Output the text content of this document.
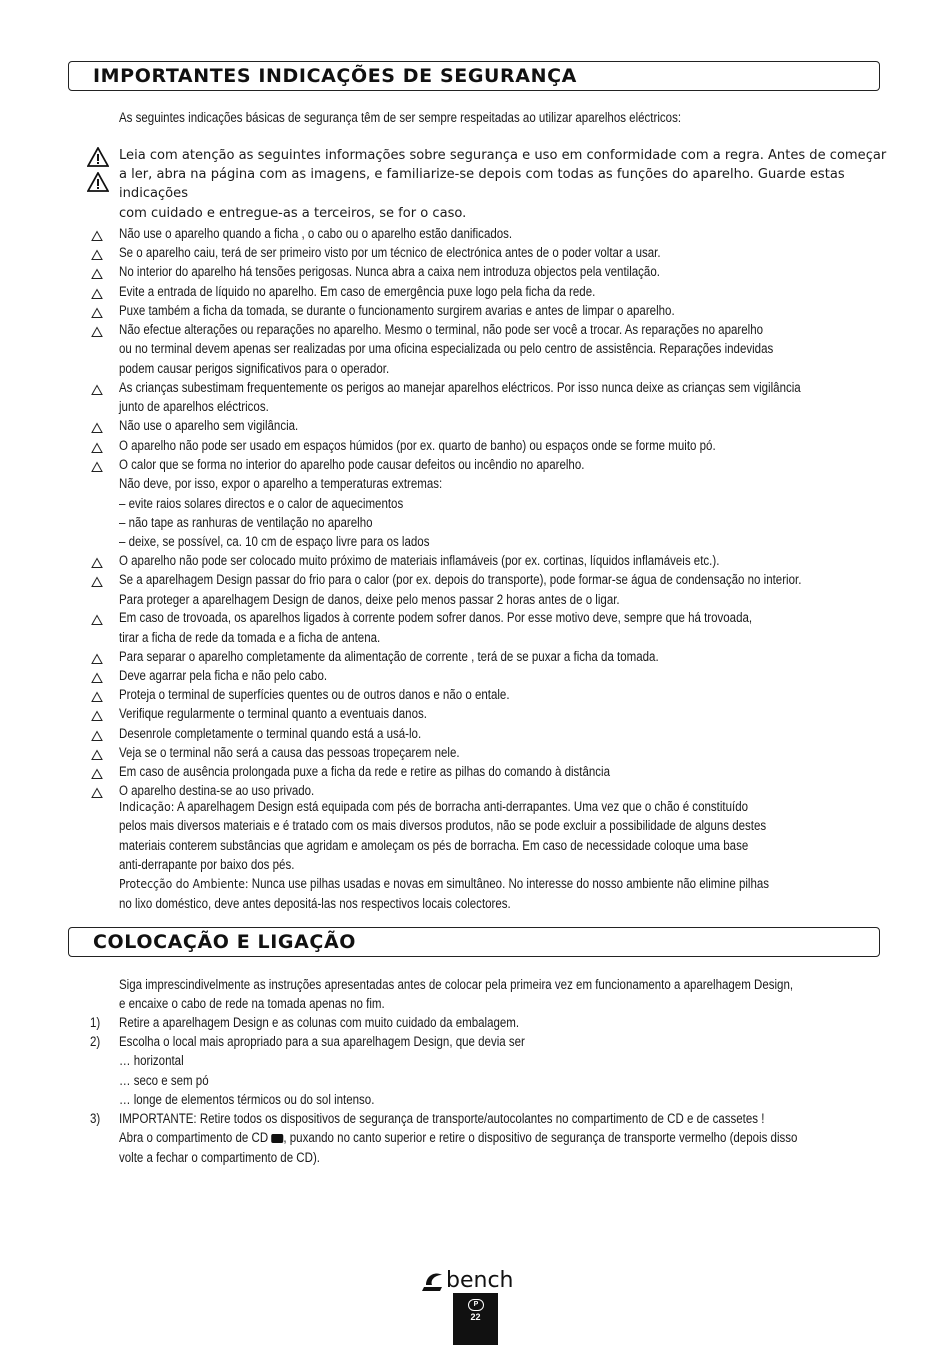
IMPORTANTES INDICAÇÕES DE SEGURANÇA
As seguintes indicações básicas de segurança têm de ser sempre respeitadas ao utilizar aparelhos eléctricos:
Leia com atenção as seguintes informações sobre segurança e uso em conformidade com a regra. Antes de começar
a ler, abra na página com as imagens, e familiarize-se depois com todas as funções do aparelho. Guarde estas indicações
com cuidado e entregue-as a terceiros, se for o caso.
Não use o aparelho quando a ficha , o cabo ou o aparelho estão danificados.
Se o aparelho caiu, terá de ser primeiro visto por um técnico de electrónica antes de o poder voltar a usar.
No interior do aparelho há tensões perigosas. Nunca abra a caixa nem introduza objectos pela ventilação.
Evite a entrada de líquido no aparelho. Em caso de emergência puxe logo pela ficha da rede.
Puxe também a ficha da tomada, se durante o funcionamento surgirem avarias e antes de limpar o aparelho.
Não efectue alterações ou reparações no aparelho. Mesmo o terminal, não pode ser você a trocar. As reparações no aparelho
ou no terminal devem apenas ser realizadas por uma oficina especializada ou pelo centro de assistência. Reparações indevidas
podem causar perigos significativos para o operador.
As crianças subestimam frequentemente os perigos ao manejar aparelhos eléctricos. Por isso nunca deixe as crianças sem vigilância
junto de aparelhos eléctricos.
Não use o aparelho sem vigilância.
O aparelho não pode ser usado em espaços húmidos (por ex. quarto de banho) ou espaços onde se forme muito pó.
O calor que se forma no interior do aparelho pode causar defeitos ou incêndio no aparelho.
Não deve, por isso, expor o aparelho a temperaturas extremas:
– evite raios solares directos e o calor de aquecimentos
– não tape as ranhuras de ventilação no aparelho
– deixe, se possível, ca. 10 cm de espaço livre para os lados
O aparelho não pode ser colocado muito próximo de materiais inflamáveis (por ex. cortinas, líquidos inflamáveis etc.).
Se a aparelhagem Design passar do frio para o calor (por ex. depois do transporte), pode formar-se água de condensação no interior.
Para proteger a aparelhagem Design de danos, deixe pelo menos passar 2 horas antes de o ligar.
Em caso de trovoada, os aparelhos ligados à corrente podem sofrer danos. Por esse motivo deve, sempre que há trovoada,
tirar a ficha de rede da tomada e a ficha de antena.
Para separar o aparelho completamente da alimentação de corrente , terá de se puxar a ficha da tomada.
Deve agarrar pela ficha e não pelo cabo.
Proteja o terminal de superfícies quentes ou de outros danos e não o entale.
Verifique regularmente o terminal quanto a eventuais danos.
Desenrole completamente o terminal quando está a usá-lo.
Veja se o terminal não será a causa das pessoas tropeçarem nele.
Em caso de ausência prolongada puxe a ficha da rede e retire as pilhas do comando à distância
O aparelho destina-se ao uso privado.
Indicação: A aparelhagem Design está equipada com pés de borracha anti-derrapantes. Uma vez que o chão é constituído
pelos mais diversos materiais e é tratado com os mais diversos produtos, não se pode excluir a possibilidade de alguns destes
materiais conterem substâncias que agridam e amoleçam os pés de borracha. Em caso de necessidade coloque uma base
anti-derrapante por baixo dos pés.
Protecção do Ambiente: Nunca use pilhas usadas e novas em simultâneo. No interesse do nosso ambiente não elimine pilhas
no lixo doméstico, deve antes depositá-las nos respectivos locais colectores.
COLOCAÇÃO E LIGAÇÃO
Siga imprescindivelmente as instruções apresentadas antes de colocar pela primeira vez em funcionamento a aparelhagem Design,
e encaixe o cabo de rede na tomada apenas no fim.
1) Retire a aparelhagem Design e as colunas com muito cuidado da embalagem.
2) Escolha o local mais apropriado para a sua aparelhagem Design, que devia ser
… horizontal
… seco e sem pó
… longe de elementos térmicos ou do sol intenso.
3) IMPORTANTE: Retire todos os dispositivos de segurança de transporte/autocolantes no compartimento de CD e de cassetes !
Abra o compartimento de CD , puxando no canto superior e retire o dispositivo de segurança de transporte vermelho (depois disso
volte a fechar o compartimento de CD).
bench
P
22
